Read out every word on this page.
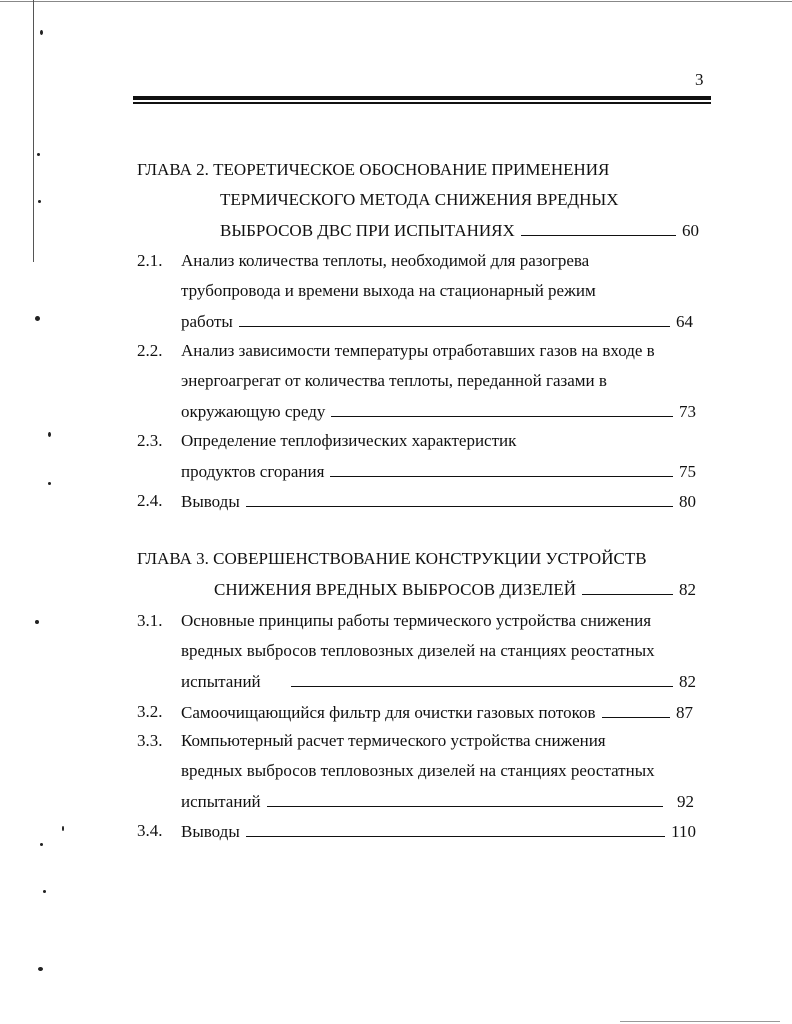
3
ГЛАВА 2. ТЕОРЕТИЧЕСКОЕ ОБОСНОВАНИЕ ПРИМЕНЕНИЯ
ТЕРМИЧЕСКОГО МЕТОДА СНИЖЕНИЯ ВРЕДНЫХ
ВЫБРОСОВ ДВС ПРИ ИСПЫТАНИЯХ	60
2.1. Анализ количества теплоты, необходимой для разогрева
трубопровода и времени выхода на стационарный режим
работы	64
2.2. Анализ зависимости температуры отработавших газов на входе в
энергоагрегат от количества теплоты, переданной газами в
окружающую среду	73
2.3. Определение теплофизических характеристик
продуктов сгорания	75
2.4. Выводы	80
ГЛАВА 3. СОВЕРШЕНСТВОВАНИЕ КОНСТРУКЦИИ УСТРОЙСТВ
СНИЖЕНИЯ ВРЕДНЫХ ВЫБРОСОВ ДИЗЕЛЕЙ	82
3.1. Основные принципы работы термического устройства снижения
вредных выбросов тепловозных дизелей на станциях реостатных
испытаний	82
3.2. Самоочищающийся фильтр для очистки газовых потоков	87
3.3. Компьютерный расчет термического устройства снижения
вредных выбросов тепловозных дизелей на станциях реостатных
испытаний	92
3.4. Выводы	110
